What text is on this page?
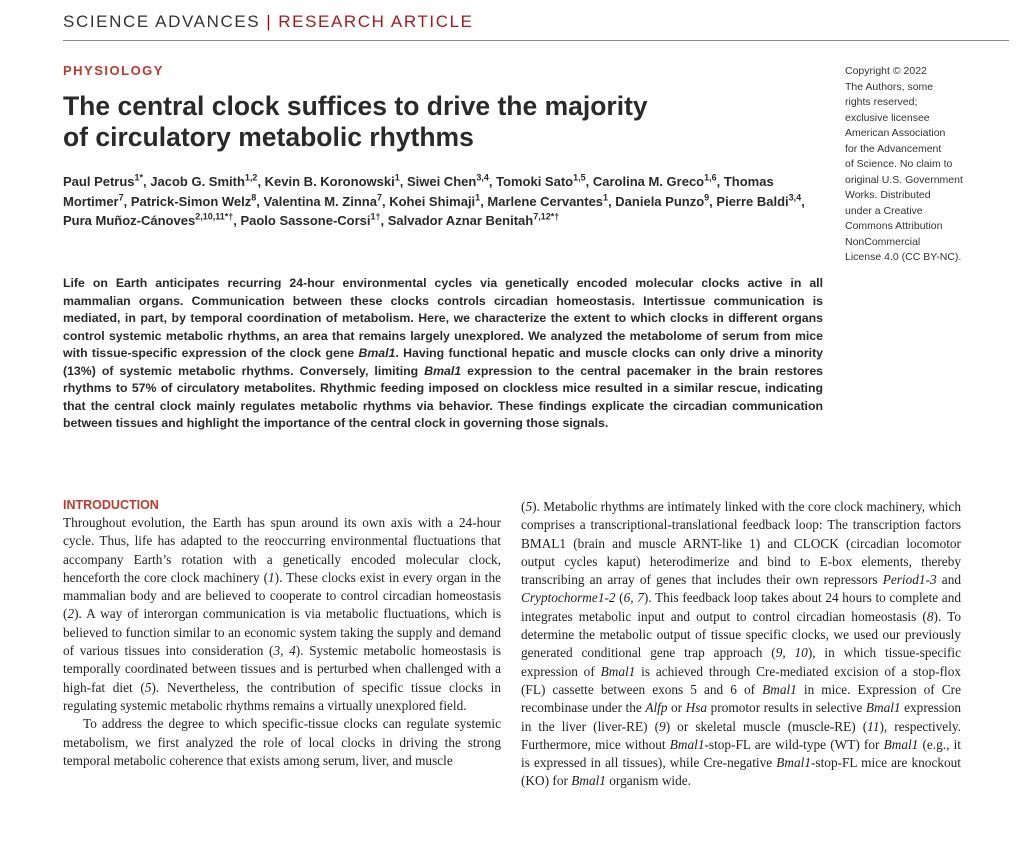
SCIENCE ADVANCES | RESEARCH ARTICLE
PHYSIOLOGY
The central clock suffices to drive the majority
of circulatory metabolic rhythms
Paul Petrus$^{1*}$, Jacob G. Smith$^{1,2}$, Kevin B. Koronowski$^1$, Siwei Chen$^{3,4}$, Tomoki Sato$^{1,5}$, Carolina M. Greco$^{1,6}$, Thomas Mortimer$^7$, Patrick-Simon Welz$^8$, Valentina M. Zinna$^7$, Kohei Shimaji$^1$, Marlene Cervantes$^1$, Daniela Punzo$^9$, Pierre Baldi$^{3,4}$, Pura Muñoz-Cánoves$^{2,10,11*\dagger}$, Paolo Sassone-Corsi$^{1\dagger}$, Salvador Aznar Benitah$^{7,12*\dagger}$
Copyright © 2022
The Authors, some
rights reserved;
exclusive licensee
American Association
for the Advancement
of Science. No claim to
original U.S. Government
Works. Distributed
under a Creative
Commons Attribution
NonCommercial
License 4.0 (CC BY-NC).
Life on Earth anticipates recurring 24-hour environmental cycles via genetically encoded molecular clocks active in all mammalian organs. Communication between these clocks controls circadian homeostasis. Intertissue communication is mediated, in part, by temporal coordination of metabolism. Here, we characterize the extent to which clocks in different organs control systemic metabolic rhythms, an area that remains largely unexplored. We analyzed the metabolome of serum from mice with tissue-specific expression of the clock gene Bmal1. Having functional hepatic and muscle clocks can only drive a minority (13%) of systemic metabolic rhythms. Conversely, limiting Bmal1 expression to the central pacemaker in the brain restores rhythms to 57% of circulatory metabolites. Rhythmic feeding imposed on clockless mice resulted in a similar rescue, indicating that the central clock mainly regulates metabolic rhythms via behavior. These findings explicate the circadian communication between tissues and highlight the importance of the central clock in governing those signals.
INTRODUCTION

Throughout evolution, the Earth has spun around its own axis with a 24-hour cycle. Thus, life has adapted to the reoccurring environmental fluctuations that accompany Earth’s rotation with a genetically encoded molecular clock, henceforth the core clock machinery (1). These clocks exist in every organ in the mammalian body and are believed to cooperate to control circadian homeostasis (2). A way of interorgan communication is via metabolic fluctuations, which is believed to function similar to an economic system taking the supply and demand of various tissues into consideration (3, 4). Systemic metabolic homeostasis is temporally coordinated between tissues and is perturbed when challenged with a high-fat diet (5). Nevertheless, the contribution of specific tissue clocks in regulating systemic metabolic rhythms remains a virtually unexplored field.

To address the degree to which specific-tissue clocks can regulate systemic metabolism, we first analyzed the role of local clocks in driving the strong temporal metabolic coherence that exists among serum, liver, and muscle

(5). Metabolic rhythms are intimately linked with the core clock machinery, which comprises a transcriptional-translational feedback loop: The transcription factors BMAL1 (brain and muscle ARNT-like 1) and CLOCK (circadian locomotor output cycles kaput) heterodimerize and bind to E-box elements, thereby transcribing an array of genes that includes their own repressors Period1-3 and Cryptochorme1-2 (6, 7). This feedback loop takes about 24 hours to complete and integrates metabolic input and output to control circadian homeostasis (8). To determine the metabolic output of tissue specific clocks, we used our previously generated conditional gene trap approach (9, 10), in which tissue-specific expression of Bmal1 is achieved through Cre-mediated excision of a stop-flox (FL) cassette between exons 5 and 6 of Bmal1 in mice. Expression of Cre recombinase under the Alfp or Hsa promotor results in selective Bmal1 expression in the liver (liver-RE) (9) or skeletal muscle (muscle-RE) (11), respectively. Furthermore, mice without Bmal1-stop-FL are wild-type (WT) for Bmal1 (e.g., it is expressed in all tissues), while Cre-negative Bmal1-stop-FL mice are knockout (KO) for Bmal1 organism wide.
